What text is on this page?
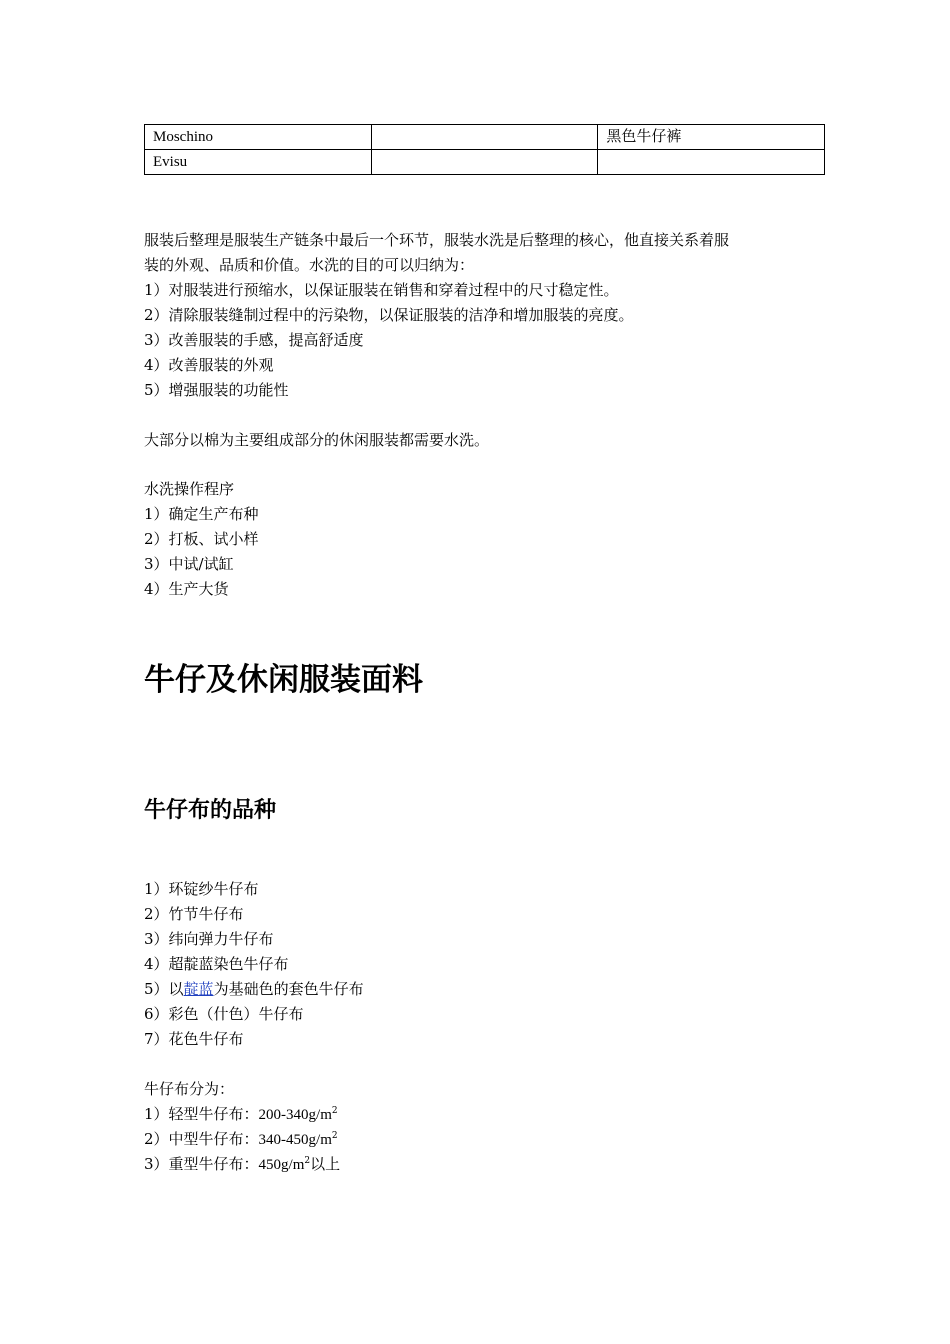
Moschino		黑色牛仔裤
Evisu		
服装后整理是服装生产链条中最后一个环节，服装水洗是后整理的核心，他直接关系着服
装的外观、品质和价值。水洗的目的可以归纳为：
1）对服装进行预缩水，以保证服装在销售和穿着过程中的尺寸稳定性。
2）清除服装缝制过程中的污染物，以保证服装的洁净和增加服装的亮度。
3）改善服装的手感，提高舒适度
4）改善服装的外观
5）增强服装的功能性
大部分以棉为主要组成部分的休闲服装都需要水洗。
水洗操作程序
1）确定生产布种
2）打板、试小样
3）中试/试缸
4）生产大货
牛仔及休闲服装面料
牛仔布的品种
1）环锭纱牛仔布
2）竹节牛仔布
3）纬向弹力牛仔布
4）超靛蓝染色牛仔布
5）以靛蓝为基础色的套色牛仔布
6）彩色（什色）牛仔布
7）花色牛仔布
牛仔布分为：
1）轻型牛仔布：$200-340g/m^2$
2）中型牛仔布：$340-450g/m^2$
3）重型牛仔布：$450g/m^2$以上
